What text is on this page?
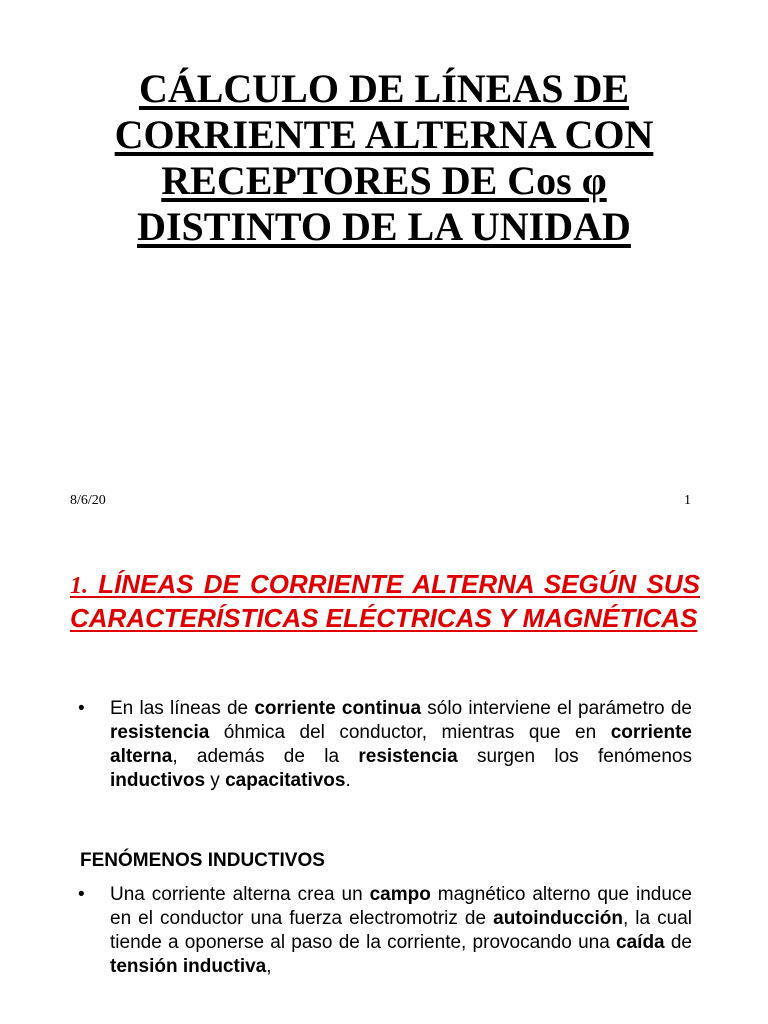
CÁLCULO DE LÍNEAS DE
CORRIENTE ALTERNA CON
RECEPTORES DE Cos φ
DISTINTO DE LA UNIDAD
8/6/20	1
1. LÍNEAS DE CORRIENTE ALTERNA SEGÚN SUS CARACTERÍSTICAS ELÉCTRICAS Y MAGNÉTICAS
•	En las líneas de corriente continua sólo interviene el parámetro de resistencia óhmica del conductor, mientras que en corriente alterna, además de la resistencia surgen los fenómenos inductivos y capacitativos.
FENÓMENOS INDUCTIVOS
•	Una corriente alterna crea un campo magnético alterno que induce en el conductor una fuerza electromotriz de autoinducción, la cual tiende a oponerse al paso de la corriente, provocando una caída de tensión inductiva,
